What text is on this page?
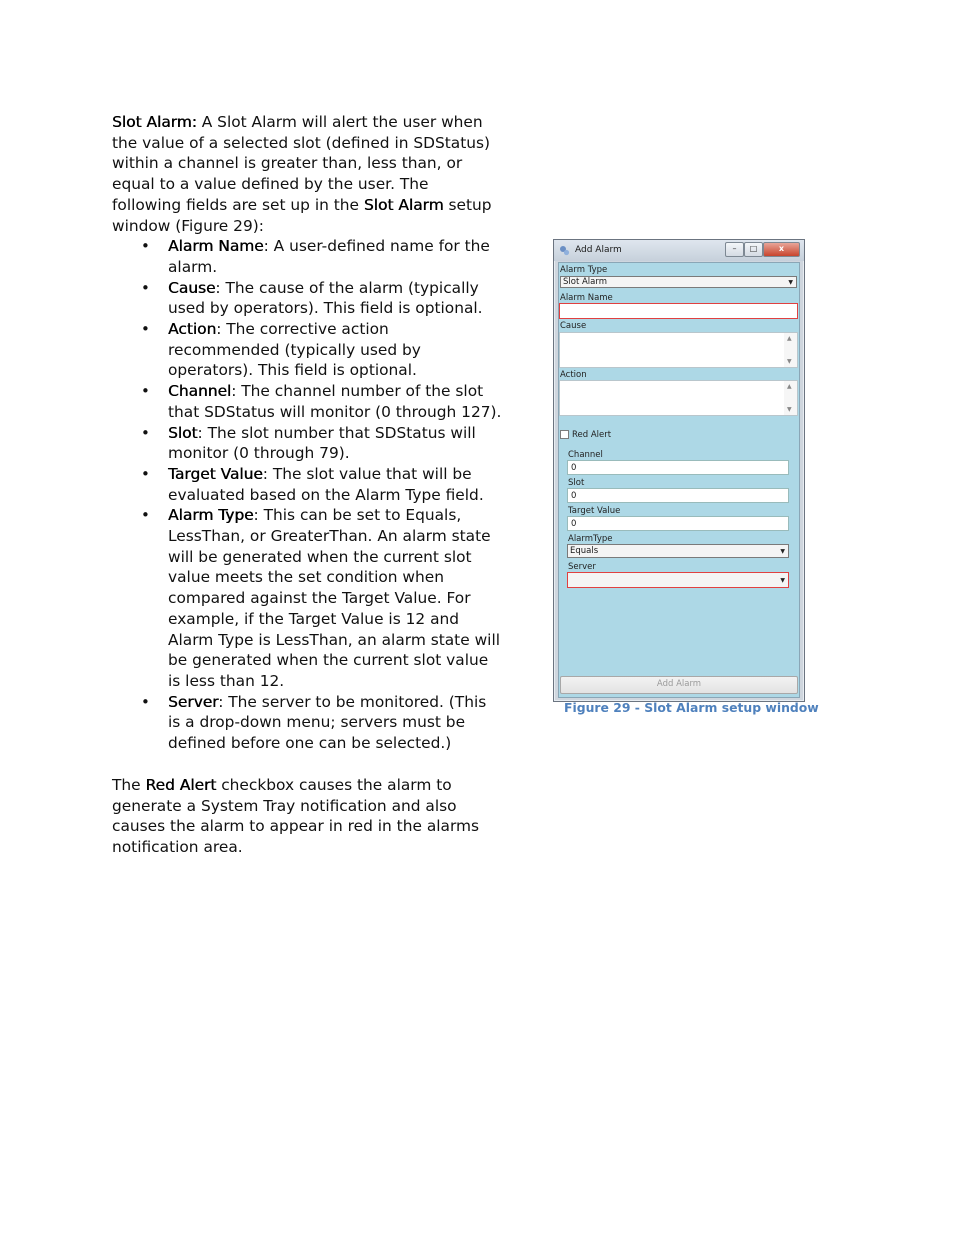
Slot Alarm: A Slot Alarm will alert the user when the value of a selected slot (defined in SDStatus) within a channel is greater than, less than, or equal to a value defined by the user. The following fields are set up in the Slot Alarm setup window (Figure 29):

• Alarm Name: A user-defined name for the alarm.
• Cause: The cause of the alarm (typically used by operators). This field is optional.
• Action: The corrective action recommended (typically used by operators). This field is optional.
• Channel: The channel number of the slot that SDStatus will monitor (0 through 127).
• Slot: The slot number that SDStatus will monitor (0 through 79).
• Target Value: The slot value that will be evaluated based on the Alarm Type field.
• Alarm Type: This can be set to Equals, LessThan, or GreaterThan. An alarm state will be generated when the current slot value meets the set condition when compared against the Target Value. For example, if the Target Value is 12 and Alarm Type is LessThan, an alarm state will be generated when the current slot value is less than 12.
• Server: The server to be monitored. (This is a drop-down menu; servers must be defined before one can be selected.)

The Red Alert checkbox causes the alarm to generate a System Tray notification and also causes the alarm to appear in red in the alarms notification area.

Add Alarm	–	□	x
Alarm Type
Slot Alarm	▼
Alarm Name
Cause
▲
▼
Action
▲
▼
Red Alert
Channel
0
Slot
0
Target Value
0
AlarmType
Equals	▼
Server
▼
Add Alarm
Figure 29 - Slot Alarm setup window
